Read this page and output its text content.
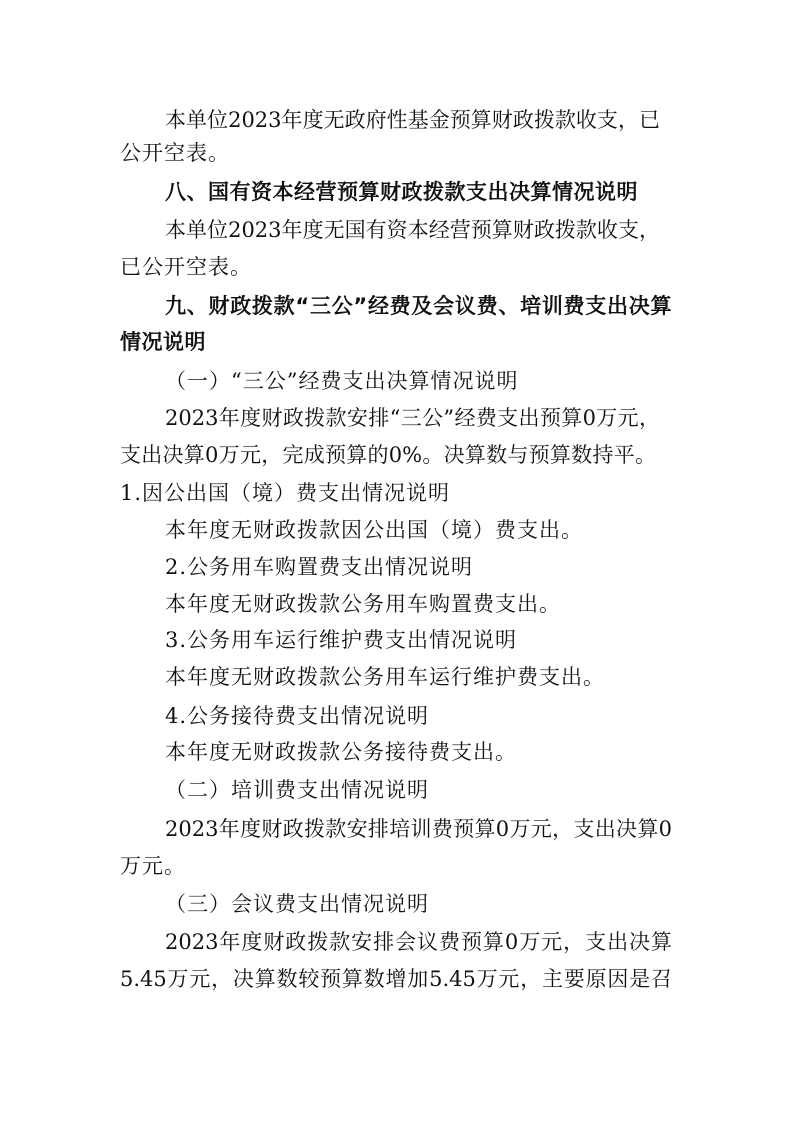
本单位2023年度无政府性基金预算财政拨款收支，已
公开空表。
八、国有资本经营预算财政拨款支出决算情况说明
本单位2023年度无国有资本经营预算财政拨款收支，
已公开空表。
九、财政拨款“三公”经费及会议费、培训费支出决算
情况说明
（一）“三公”经费支出决算情况说明
2023年度财政拨款安排“三公”经费支出预算0万元，
支出决算0万元，完成预算的0%。决算数与预算数持平。
1.因公出国（境）费支出情况说明
本年度无财政拨款因公出国（境）费支出。
2.公务用车购置费支出情况说明
本年度无财政拨款公务用车购置费支出。
3.公务用车运行维护费支出情况说明
本年度无财政拨款公务用车运行维护费支出。
4.公务接待费支出情况说明
本年度无财政拨款公务接待费支出。
（二）培训费支出情况说明
2023年度财政拨款安排培训费预算0万元，支出决算0
万元。
（三）会议费支出情况说明
2023年度财政拨款安排会议费预算0万元，支出决算
5.45万元，决算数较预算数增加5.45万元，主要原因是召
